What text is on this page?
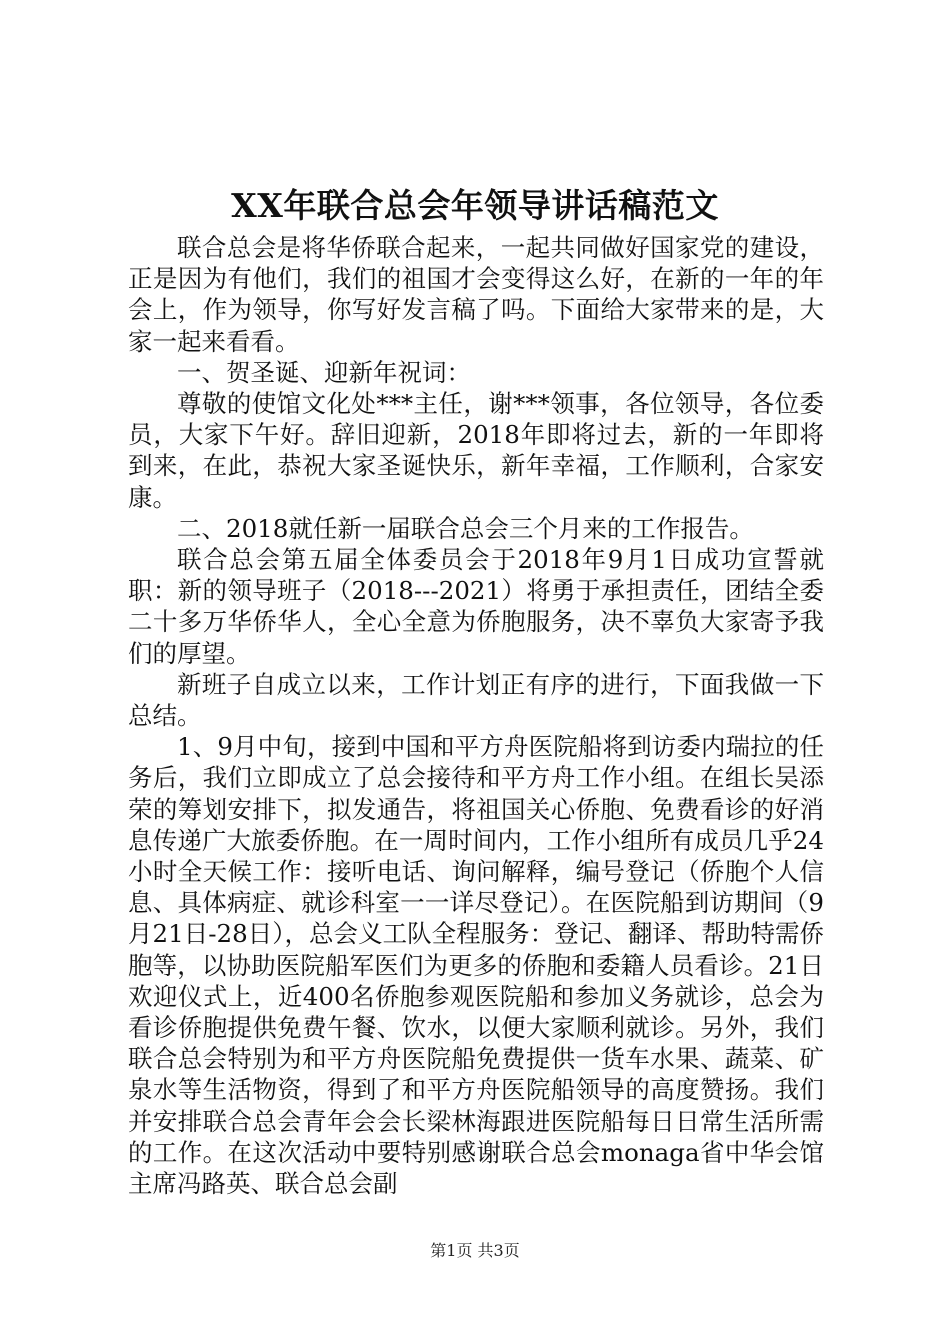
XX年联合总会年领导讲话稿范文

联合总会是将华侨联合起来，一起共同做好国家党的建设，正是因为有他们，我们的祖国才会变得这么好，在新的一年的年会上，作为领导，你写好发言稿了吗。下面给大家带来的是，大家一起来看看。

一、贺圣诞、迎新年祝词：

尊敬的使馆文化处***主任，谢***领事，各位领导，各位委员，大家下午好。辞旧迎新，2018年即将过去，新的一年即将到来，在此，恭祝大家圣诞快乐，新年幸福，工作顺利，合家安康。

二、2018就任新一届联合总会三个月来的工作报告。

联合总会第五届全体委员会于2018年9月1日成功宣誓就职：新的领导班子（2018---2021）将勇于承担责任，团结全委二十多万华侨华人，全心全意为侨胞服务，决不辜负大家寄予我们的厚望。

新班子自成立以来，工作计划正有序的进行，下面我做一下总结。

1、9月中旬，接到中国和平方舟医院船将到访委内瑞拉的任务后，我们立即成立了总会接待和平方舟工作小组。在组长吴添荣的筹划安排下，拟发通告，将祖国关心侨胞、免费看诊的好消息传递广大旅委侨胞。在一周时间内，工作小组所有成员几乎24小时全天候工作：接听电话、询问解释，编号登记（侨胞个人信息、具体病症、就诊科室一一详尽登记）。在医院船到访期间（9月21日-28日），总会义工队全程服务：登记、翻译、帮助特需侨胞等，以协助医院船军医们为更多的侨胞和委籍人员看诊。21日欢迎仪式上，近400名侨胞参观医院船和参加义务就诊，总会为看诊侨胞提供免费午餐、饮水，以便大家顺利就诊。另外，我们联合总会特别为和平方舟医院船免费提供一货车水果、蔬菜、矿泉水等生活物资，得到了和平方舟医院船领导的高度赞扬。我们并安排联合总会青年会会长梁林海跟进医院船每日日常生活所需的工作。在这次活动中要特别感谢联合总会monaga省中华会馆主席冯路英、联合总会副

第1页 共3页
